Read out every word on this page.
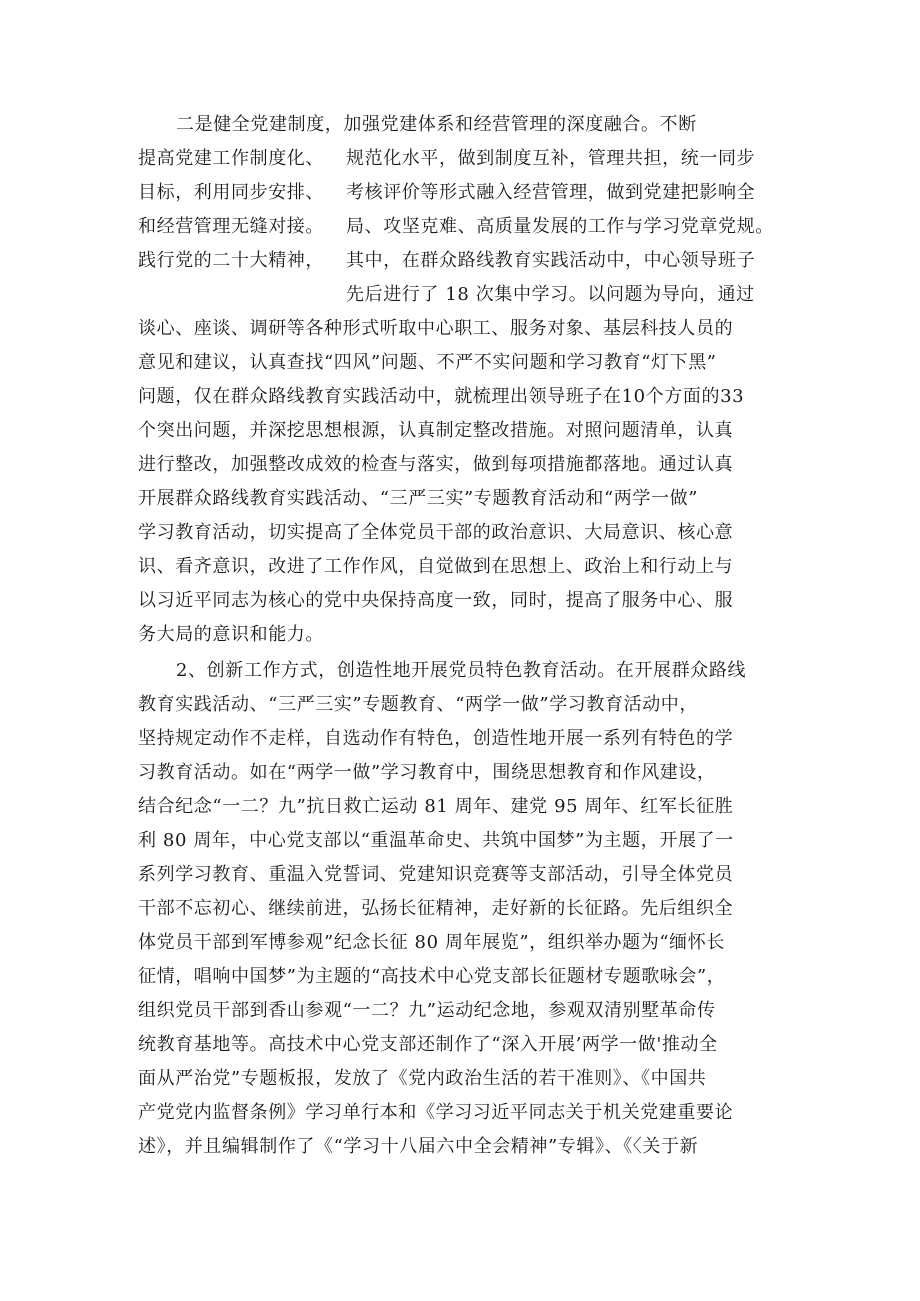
二是健全党建制度，加强党建体系和经营管理的深度融合。不断
提高党建工作制度化、 规范化水平，做到制度互补，管理共担，统一同步
目标，利用同步安排、 考核评价等形式融入经营管理，做到党建把影响全
和经营管理无缝对接。 局、攻坚克难、高质量发展的工作与学习党章党规。
践行党的二十大精神， 其中，在群众路线教育实践活动中，中心领导班子
先后进行了 18 次集中学习。以问题为导向，通过
谈心、座谈、调研等各种形式听取中心职工、服务对象、基层科技人员的
意见和建议，认真查找“四风”问题、不严不实问题和学习教育“灯下黑”
问题，仅在群众路线教育实践活动中，就梳理出领导班子在10个方面的33
个突出问题，并深挖思想根源，认真制定整改措施。对照问题清单，认真
进行整改，加强整改成效的检查与落实，做到每项措施都落地。通过认真
开展群众路线教育实践活动、“三严三实”专题教育活动和“两学一做”
学习教育活动，切实提高了全体党员干部的政治意识、大局意识、核心意
识、看齐意识，改进了工作作风，自觉做到在思想上、政治上和行动上与
以习近平同志为核心的党中央保持高度一致，同时，提高了服务中心、服
务大局的意识和能力。
2、创新工作方式，创造性地开展党员特色教育活动。在开展群众路线
教育实践活动、“三严三实”专题教育、“两学一做”学习教育活动中，
坚持规定动作不走样，自选动作有特色，创造性地开展一系列有特色的学
习教育活动。如在“两学一做”学习教育中，围绕思想教育和作风建设，
结合纪念“一二？九”抗日救亡运动 81 周年、建党 95 周年、红军长征胜
利 80 周年，中心党支部以“重温革命史、共筑中国梦”为主题，开展了一
系列学习教育、重温入党誓词、党建知识竞赛等支部活动，引导全体党员
干部不忘初心、继续前进，弘扬长征精神，走好新的长征路。先后组织全
体党员干部到军博参观”纪念长征 80 周年展览”，组织举办题为“缅怀长
征情，唱响中国梦”为主题的“高技术中心党支部长征题材专题歌咏会”，
组织党员干部到香山参观“一二？九”运动纪念地，参观双清别墅革命传
统教育基地等。高技术中心党支部还制作了“深入开展’两学一做'推动全
面从严治党”专题板报，发放了《党内政治生活的若干准则》、《中国共
产党党内监督条例》学习单行本和《学习习近平同志关于机关党建重要论
述》，并且编辑制作了《“学习十八届六中全会精神”专辑》、《〈关于新
